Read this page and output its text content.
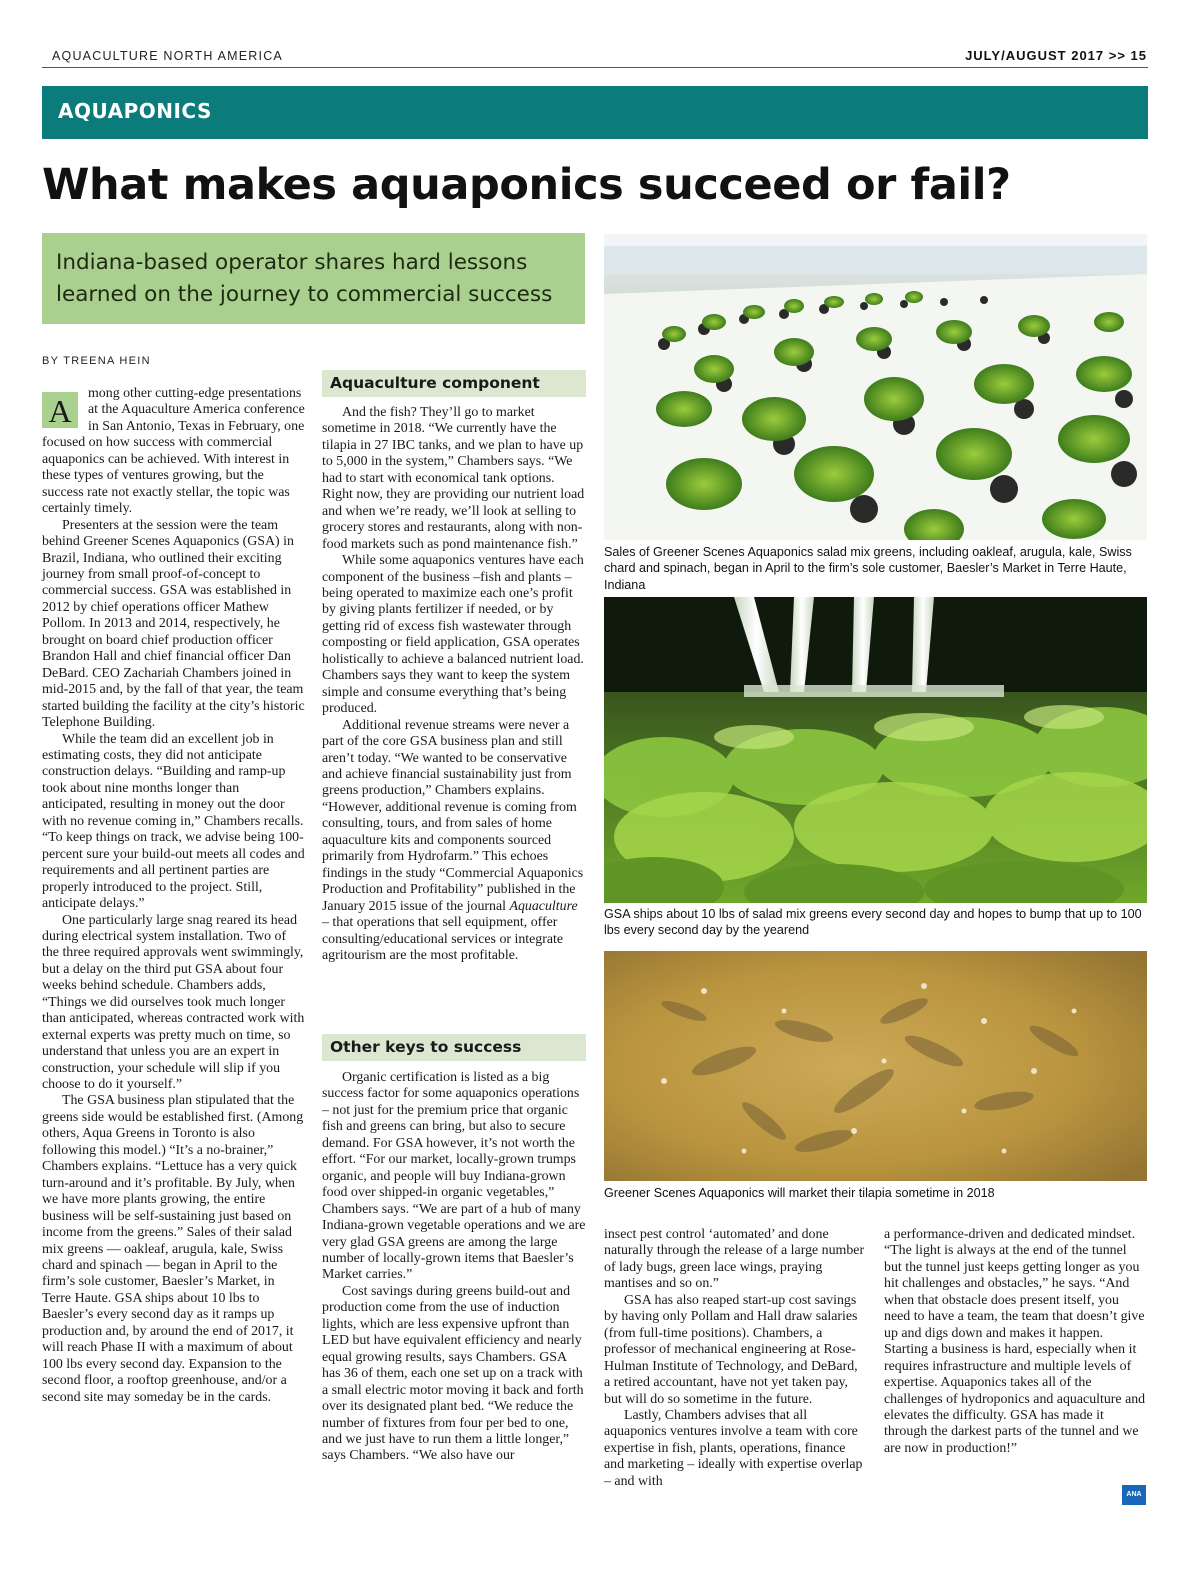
AQUACULTURE NORTH AMERICA	JULY/AUGUST 2017 >> 15
AQUAPONICS
What makes aquaponics succeed or fail?
Indiana-based operator shares hard lessons learned on the journey to commercial success
BY TREENA HEIN

A	mong other cutting-edge presentations at the Aquaculture America conference in San Antonio, Texas in February, one focused on how success with commercial aquaponics can be achieved. With interest in these types of ventures growing, but the success rate not exactly stellar, the topic was certainly timely.

Presenters at the session were the team behind Greener Scenes Aquaponics (GSA) in Brazil, Indiana, who outlined their exciting journey from small proof-of-concept to commercial success. GSA was established in 2012 by chief operations officer Mathew Pollom. In 2013 and 2014, respectively, he brought on board chief production officer Brandon Hall and chief financial officer Dan DeBard. CEO Zachariah Chambers joined in mid-2015 and, by the fall of that year, the team started building the facility at the city’s historic Telephone Building.

While the team did an excellent job in estimating costs, they did not anticipate construction delays. “Building and ramp-up took about nine months longer than anticipated, resulting in money out the door with no revenue coming in,” Chambers recalls. “To keep things on track, we advise being 100-percent sure your build-out meets all codes and requirements and all pertinent parties are properly introduced to the project. Still, anticipate delays.”

One particularly large snag reared its head during electrical system installation. Two of the three required approvals went swimmingly, but a delay on the third put GSA about four weeks behind schedule. Chambers adds, “Things we did ourselves took much longer than anticipated, whereas contracted work with external experts was pretty much on time, so understand that unless you are an expert in construction, your schedule will slip if you choose to do it yourself.”

The GSA business plan stipulated that the greens side would be established first. (Among others, Aqua Greens in Toronto is also following this model.) “It’s a no-brainer,” Chambers explains. “Lettuce has a very quick turn-around and it’s profitable. By July, when we have more plants growing, the entire business will be self-sustaining just based on income from the greens.” Sales of their salad mix greens — oakleaf, arugula, kale, Swiss chard and spinach — began in April to the firm’s sole customer, Baesler’s Market, in Terre Haute. GSA ships about 10 lbs to Baesler’s every second day as it ramps up production and, by around the end of 2017, it will reach Phase II with a maximum of about 100 lbs every second day. Expansion to the second floor, a rooftop greenhouse, and/or a second site may someday be in the cards.

Aquaculture component

And the fish? They’ll go to market sometime in 2018. “We currently have the tilapia in 27 IBC tanks, and we plan to have up to 5,000 in the system,” Chambers says. “We had to start with economical tank options. Right now, they are providing our nutrient load and when we’re ready, we’ll look at selling to grocery stores and restaurants, along with non-food markets such as pond maintenance fish.”

While some aquaponics ventures have each component of the business –fish and plants – being operated to maximize each one’s profit by giving plants fertilizer if needed, or by getting rid of excess fish wastewater through composting or field application, GSA operates holistically to achieve a balanced nutrient load. Chambers says they want to keep the system simple and consume everything that’s being produced.

Additional revenue streams were never a part of the core GSA business plan and still aren’t today. “We wanted to be conservative and achieve financial sustainability just from greens production,” Chambers explains. “However, additional revenue is coming from consulting, tours, and from sales of home aquaculture kits and components sourced primarily from Hydrofarm.” This echoes findings in the study “Commercial Aquaponics Production and Profitability” published in the January 2015 issue of the journal Aquaculture – that operations that sell equipment, offer consulting/educational services or integrate agritourism are the most profitable.

Other keys to success

Organic certification is listed as a big success factor for some aquaponics operations – not just for the premium price that organic fish and greens can bring, but also to secure demand. For GSA however, it’s not worth the effort. “For our market, locally-grown trumps organic, and people will buy Indiana-grown food over shipped-in organic vegetables,” Chambers says. “We are part of a hub of many Indiana-grown vegetable operations and we are very glad GSA greens are among the large number of locally-grown items that Baesler’s Market carries.”

Cost savings during greens build-out and production come from the use of induction lights, which are less expensive upfront than LED but have equivalent efficiency and nearly equal growing results, says Chambers. GSA has 36 of them, each one set up on a track with a small electric motor moving it back and forth over its designated plant bed. “We reduce the number of fixtures from four per bed to one, and we just have to run them a little longer,” says Chambers. “We also have our

Sales of Greener Scenes Aquaponics salad mix greens, including oakleaf, arugula, kale, Swiss chard and spinach, began in April to the firm’s sole customer, Baesler’s Market in Terre Haute, Indiana
GSA ships about 10 lbs of salad mix greens every second day and hopes to bump that up to 100 lbs every second day by the yearend
Greener Scenes Aquaponics will market their tilapia sometime in 2018

insect pest control ‘automated’ and done naturally through the release of a large number of lady bugs, green lace wings, praying mantises and so on.”

GSA has also reaped start-up cost savings by having only Pollam and Hall draw salaries (from full-time positions). Chambers, a professor of mechanical engineering at Rose-Hulman Institute of Technology, and DeBard, a retired accountant, have not yet taken pay, but will do so sometime in the future.

Lastly, Chambers advises that all aquaponics ventures involve a team with core expertise in fish, plants, operations, finance and marketing – ideally with expertise overlap – and with

a performance-driven and dedicated mindset. “The light is always at the end of the tunnel but the tunnel just keeps getting longer as you hit challenges and obstacles,” he says. “And when that obstacle does present itself, you need to have a team, the team that doesn’t give up and digs down and makes it happen. Starting a business is hard, especially when it requires infrastructure and multiple levels of expertise. Aquaponics takes all of the challenges of hydroponics and aquaculture and elevates the difficulty. GSA has made it through the darkest parts of the tunnel and we are now in production!”

ANA
